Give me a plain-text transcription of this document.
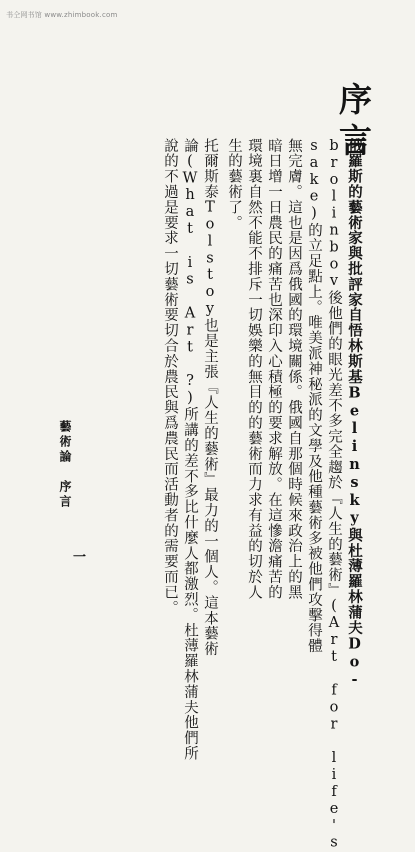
书仝网书馆 www.zhimbook.com
序言
俄羅斯的藝術家與批評家自悟林斯基Belinsky與杜薄羅林蒲夫Do-
brolinbov後他們的眼光差不多完全趨於『人生的藝術』(Art for life's
sake)的立足點上。唯美派神秘派的文學及他種藝術多被他們攻擊得體
無完膚。這也是因爲俄國的環境關係。俄國自那個時候來政治上的黑
暗日增一日農民的痛苦也深印入心積極的要求解放。在這慘澹痛苦的
環境裏自然不能不排斥一切娛樂的無目的的藝術而力求有益的切於人
生的藝術了。
托爾斯泰Tolstoy也是主張『人生的藝術』最力的一個人。這本藝術
論(What is Art ?)所講的差不多比什麼人都激烈。杜薄羅林蒲夫他們所
說的不過是要求一切藝術要切合於農民與爲農民而活動者的需要而已。
藝術論　序言
一
